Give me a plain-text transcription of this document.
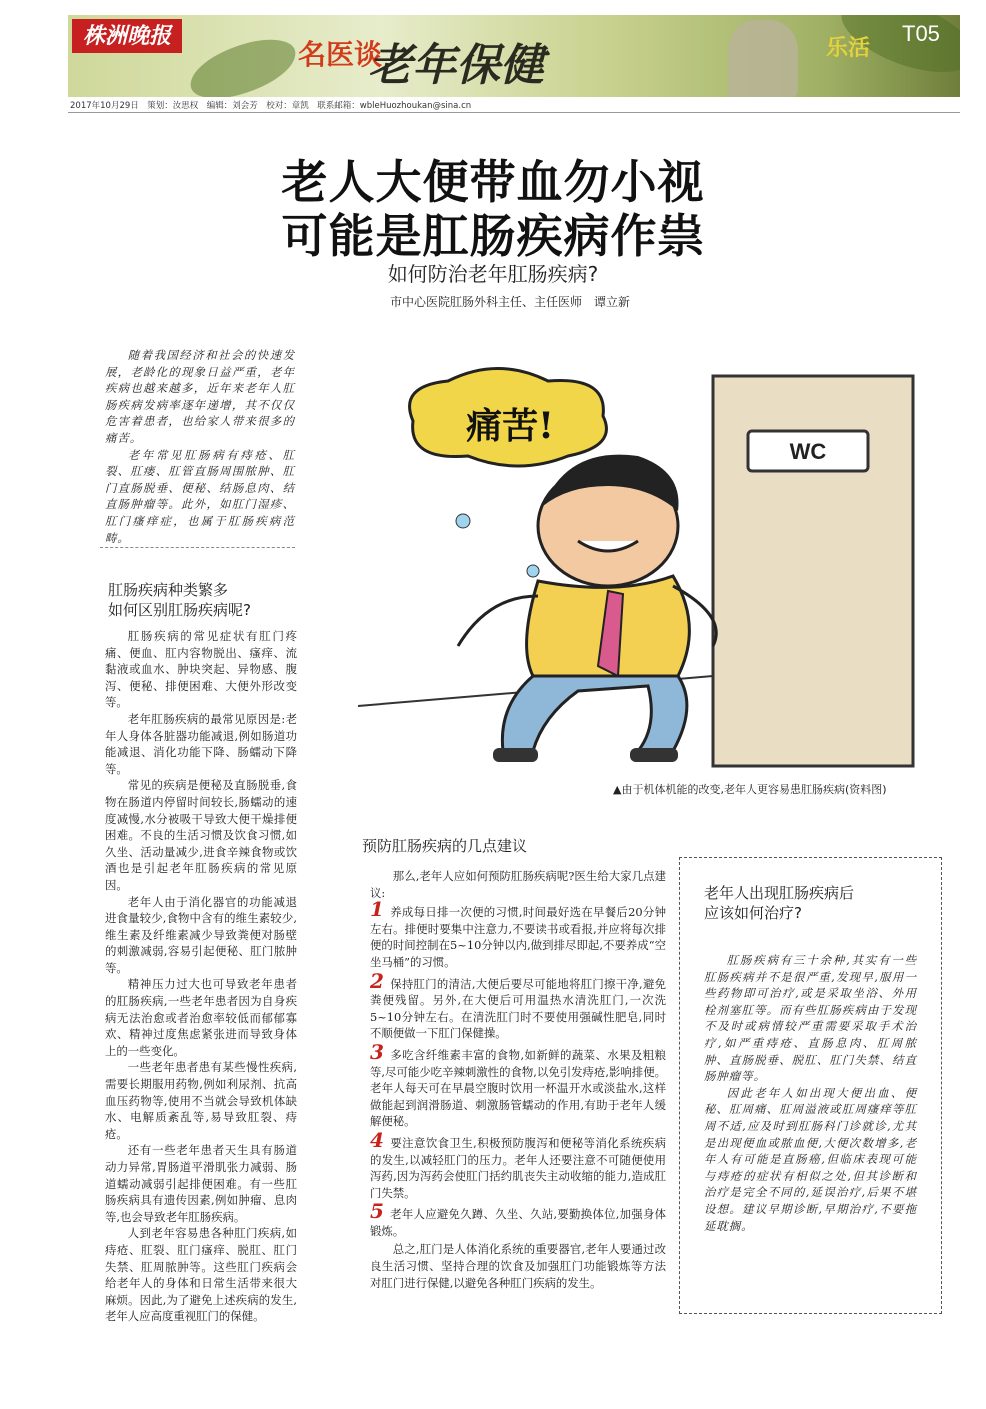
株洲晚报
名医谈
老年保健	乐活
T05
2017年10月29日　策划：汝思权　编辑：刘会芳　校对：章凯　联系邮箱：wbleHuozhoukan@sina.cn
老人大便带血勿小视
可能是肛肠疾病作祟
如何防治老年肛肠疾病?
市中心医院肛肠外科主任、主任医师　谭立新

随着我国经济和社会的快速发展，老龄化的现象日益严重，老年疾病也越来越多，近年来老年人肛肠疾病发病率逐年递增，其不仅仅危害着患者，也给家人带来很多的痛苦。

老年常见肛肠病有痔疮、肛裂、肛瘘、肛管直肠周围脓肿、肛门直肠脱垂、便秘、结肠息肉、结直肠肿瘤等。此外，如肛门湿疹、肛门瘙痒症，也属于肛肠疾病范畴。

肛肠疾病种类繁多
如何区别肛肠疾病呢?

肛肠疾病的常见症状有肛门疼痛、便血、肛内容物脱出、瘙痒、流黏液或血水、肿块突起、异物感、腹泻、便秘、排便困难、大便外形改变等。

老年肛肠疾病的最常见原因是:老年人身体各脏器功能减退,例如肠道功能减退、消化功能下降、肠蠕动下降等。

常见的疾病是便秘及直肠脱垂,食物在肠道内停留时间较长,肠蠕动的速度减慢,水分被吸干导致大便干燥排便困难。不良的生活习惯及饮食习惯,如久坐、活动量减少,进食辛辣食物或饮酒也是引起老年肛肠疾病的常见原因。

老年人由于消化器官的功能减退进食量较少,食物中含有的维生素较少,维生素及纤维素减少导致粪便对肠壁的刺激减弱,容易引起便秘、肛门脓肿等。

精神压力过大也可导致老年患者的肛肠疾病,一些老年患者因为自身疾病无法治愈或者治愈率较低而郁郁寡欢、精神过度焦虑紧张进而导致身体上的一些变化。

一些老年患者患有某些慢性疾病,需要长期服用药物,例如利尿剂、抗高血压药物等,使用不当就会导致机体缺水、电解质紊乱等,易导致肛裂、痔疮。

还有一些老年患者天生具有肠道动力异常,胃肠道平滑肌张力减弱、肠道蠕动减弱引起排便困难。有一些肛肠疾病具有遗传因素,例如肿瘤、息肉等,也会导致老年肛肠疾病。

人到老年容易患各种肛门疾病,如痔疮、肛裂、肛门瘙痒、脱肛、肛门失禁、肛周脓肿等。这些肛门疾病会给老年人的身体和日常生活带来很大麻烦。因此,为了避免上述疾病的发生,老年人应高度重视肛门的保健。

WC
痛苦!
▲由于机体机能的改变,老年人更容易患肛肠疾病(资料图)
预防肛肠疾病的几点建议

那么,老年人应如何预防肛肠疾病呢?医生给大家几点建议:

1 养成每日排一次便的习惯,时间最好选在早餐后20分钟左右。排便时要集中注意力,不要读书或看报,并应将每次排便的时间控制在5~10分钟以内,做到排尽即起,不要养成“空坐马桶”的习惯。

2 保持肛门的清洁,大便后要尽可能地将肛门擦干净,避免粪便残留。另外,在大便后可用温热水清洗肛门,一次洗5~10分钟左右。在清洗肛门时不要使用强碱性肥皂,同时不顺便做一下肛门保健操。

3 多吃含纤维素丰富的食物,如新鲜的蔬菜、水果及粗粮等,尽可能少吃辛辣刺激性的食物,以免引发痔疮,影响排便。老年人每天可在早晨空腹时饮用一杯温开水或淡盐水,这样做能起到润滑肠道、刺激肠管蠕动的作用,有助于老年人缓解便秘。

4 要注意饮食卫生,积极预防腹泻和便秘等消化系统疾病的发生,以减轻肛门的压力。老年人还要注意不可随便使用泻药,因为泻药会使肛门括约肌丧失主动收缩的能力,造成肛门失禁。

5 老年人应避免久蹲、久坐、久站,要勤换体位,加强身体锻炼。

总之,肛门是人体消化系统的重要器官,老年人要通过改良生活习惯、坚持合理的饮食及加强肛门功能锻炼等方法对肛门进行保健,以避免各种肛门疾病的发生。

老年人出现肛肠疾病后
应该如何治疗?

肛肠疾病有三十余种,其实有一些肛肠疾病并不是很严重,发现早,服用一些药物即可治疗,或是采取坐浴、外用栓剂塞肛等。而有些肛肠疾病由于发现不及时或病情较严重需要采取手术治疗,如严重痔疮、直肠息肉、肛周脓肿、直肠脱垂、脱肛、肛门失禁、结直肠肿瘤等。

因此老年人如出现大便出血、便秘、肛周痛、肛周溢液或肛周瘙痒等肛周不适,应及时到肛肠科门诊就诊,尤其是出现便血或脓血便,大便次数增多,老年人有可能是直肠癌,但临床表现可能与痔疮的症状有相似之处,但其诊断和治疗是完全不同的,延误治疗,后果不堪设想。建议早期诊断,早期治疗,不要拖延耽搁。
